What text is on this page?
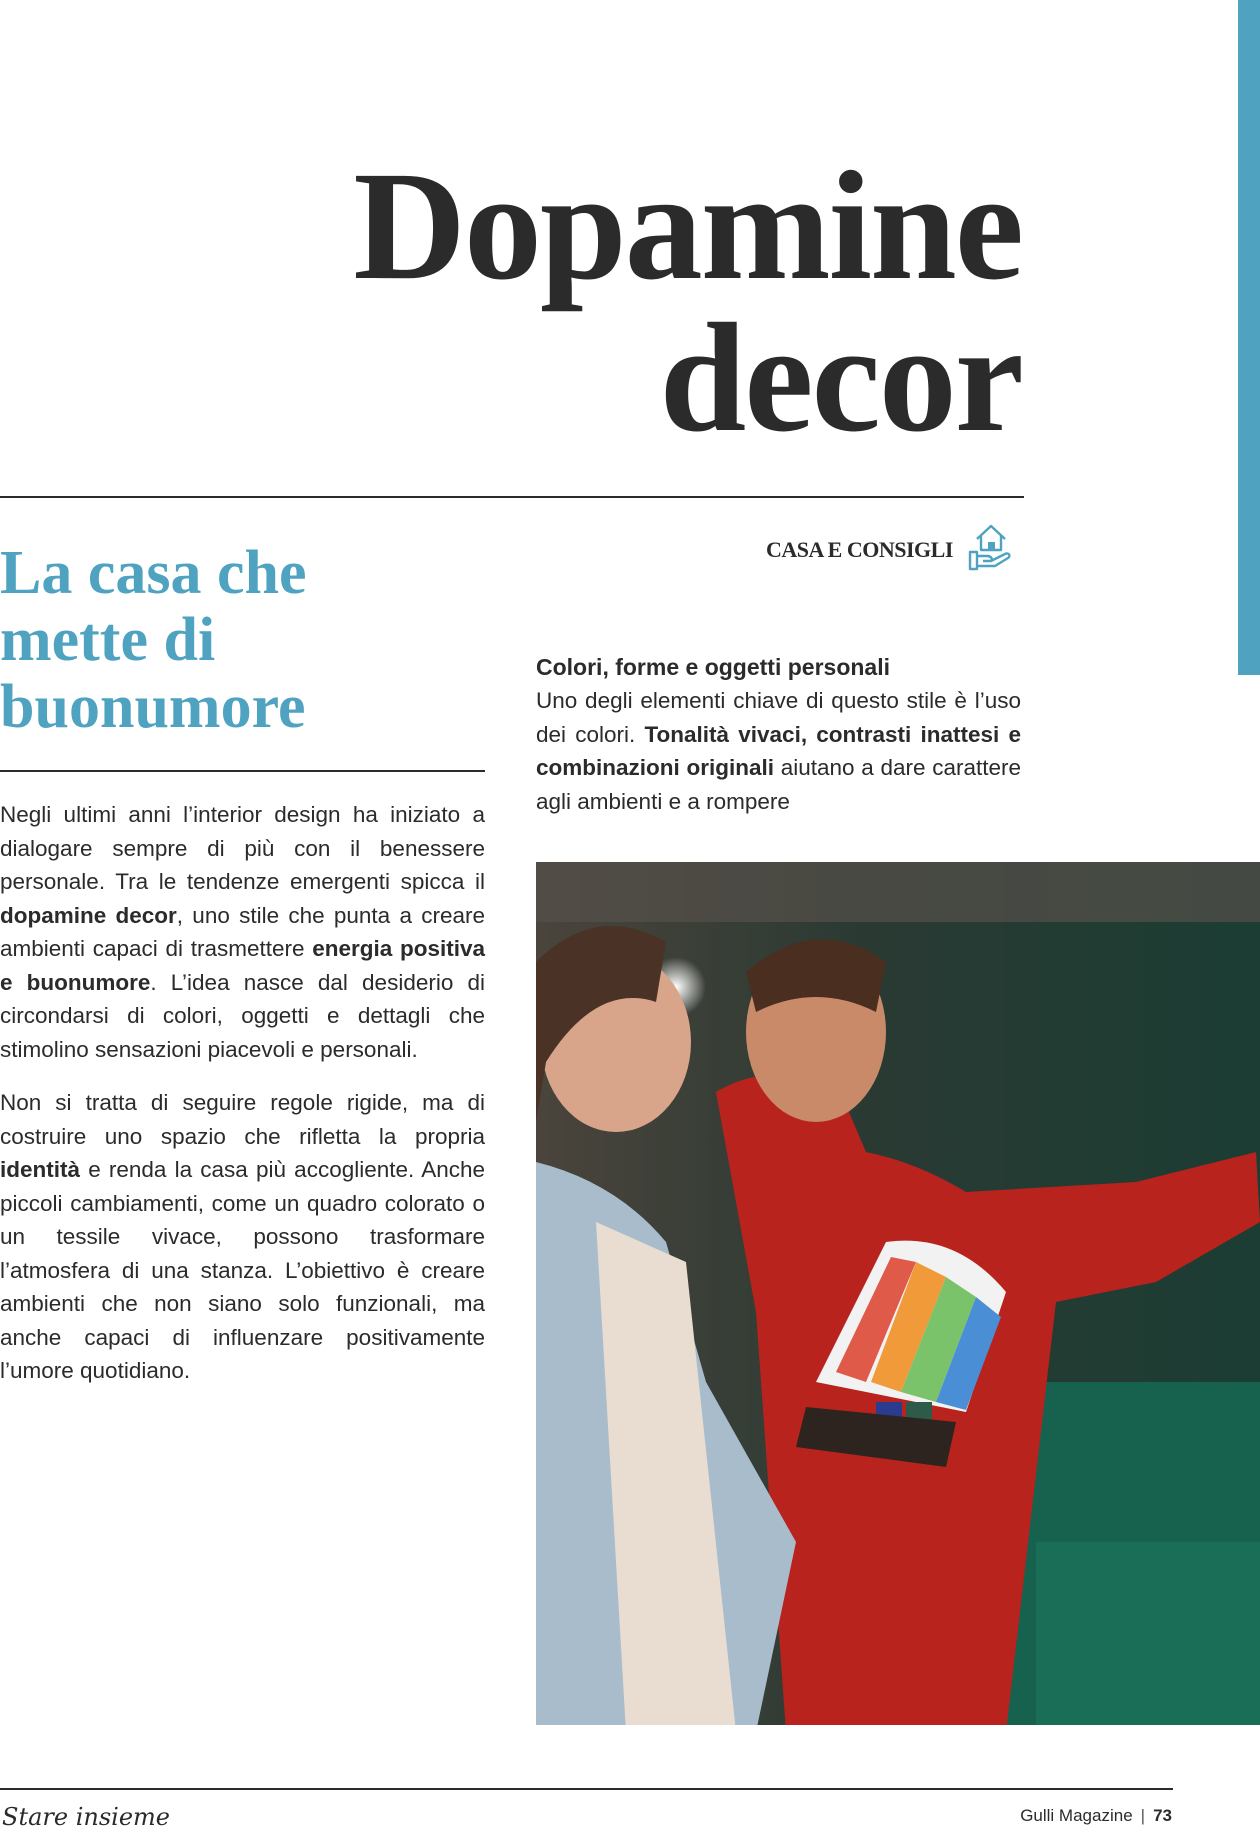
Dopamine
decor
CASA E CONSIGLI
La casa che
mette di
buonumore

Negli ultimi anni l’interior design ha iniziato a dialogare sempre di più con il benessere personale. Tra le tendenze emergenti spicca il dopamine decor, uno stile che punta a creare ambienti capaci di trasmettere energia positiva e buonumore. L’idea nasce dal desiderio di circondarsi di colori, oggetti e dettagli che stimolino sensazioni piacevoli e personali.

Non si tratta di seguire regole rigide, ma di costruire uno spazio che rifletta la propria identità e renda la casa più accogliente. Anche piccoli cambiamenti, come un quadro colorato o un tessile vivace, possono trasformare l’atmosfera di una stanza. L’obiettivo è creare ambienti che non siano solo funzionali, ma anche capaci di influenzare positivamente l’umore quotidiano.

Colori, forme e oggetti personali

Uno degli elementi chiave di questo stile è l’uso dei colori. Tonalità vivaci, contrasti inattesi e combinazioni originali aiutano a dare carattere agli ambienti e a rompere

Stare insieme	Gulli Magazine | 73
